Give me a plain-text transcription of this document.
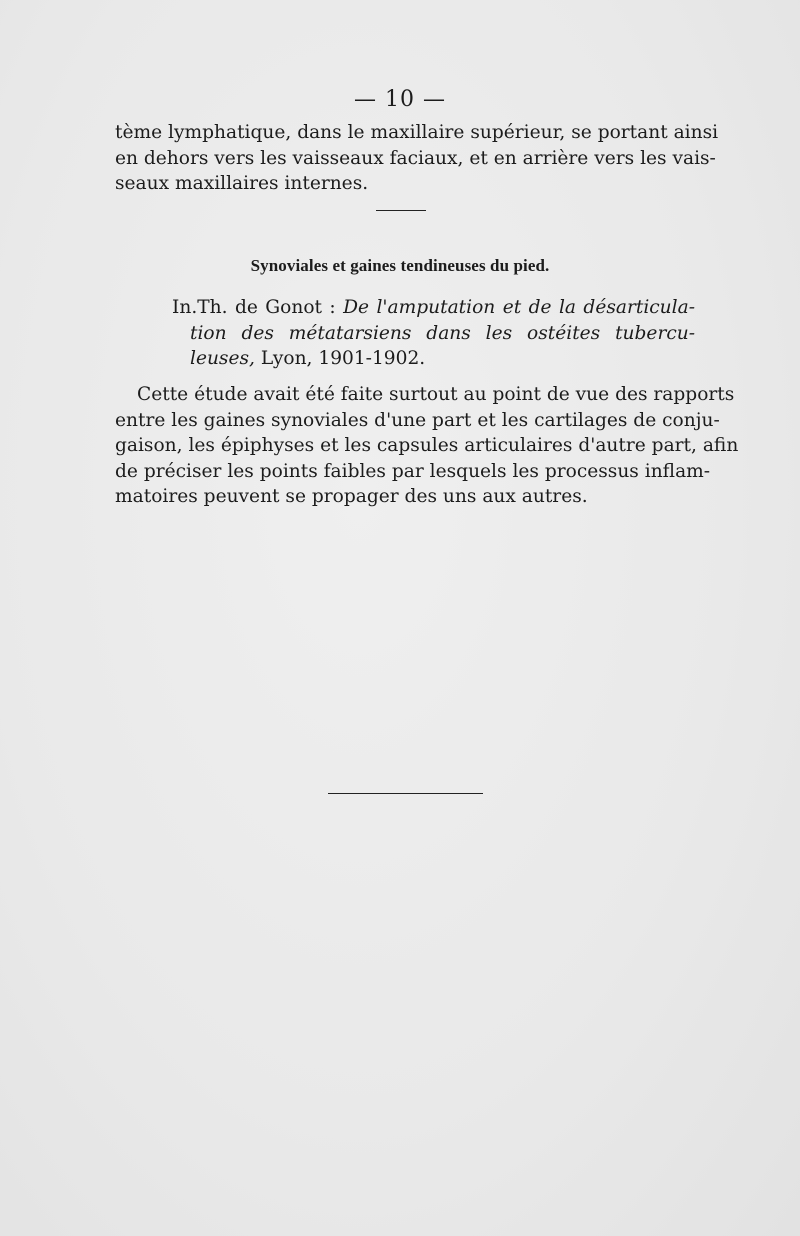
— 10 —
tème lymphatique, dans le maxillaire supérieur, se portant ainsi
en dehors vers les vaisseaux faciaux, et en arrière vers les vais-
seaux maxillaires internes.
Synoviales et gaines tendineuses du pied.
In.Th. de Gonot : De l'amputation et de la désarticula-
tion des métatarsiens dans les ostéites tubercu-
leuses, Lyon, 1901-1902.
Cette étude avait été faite surtout au point de vue des rapports
entre les gaines synoviales d'une part et les cartilages de conju-
gaison, les épiphyses et les capsules articulaires d'autre part, afin
de préciser les points faibles par lesquels les processus inflam-
matoires peuvent se propager des uns aux autres.
